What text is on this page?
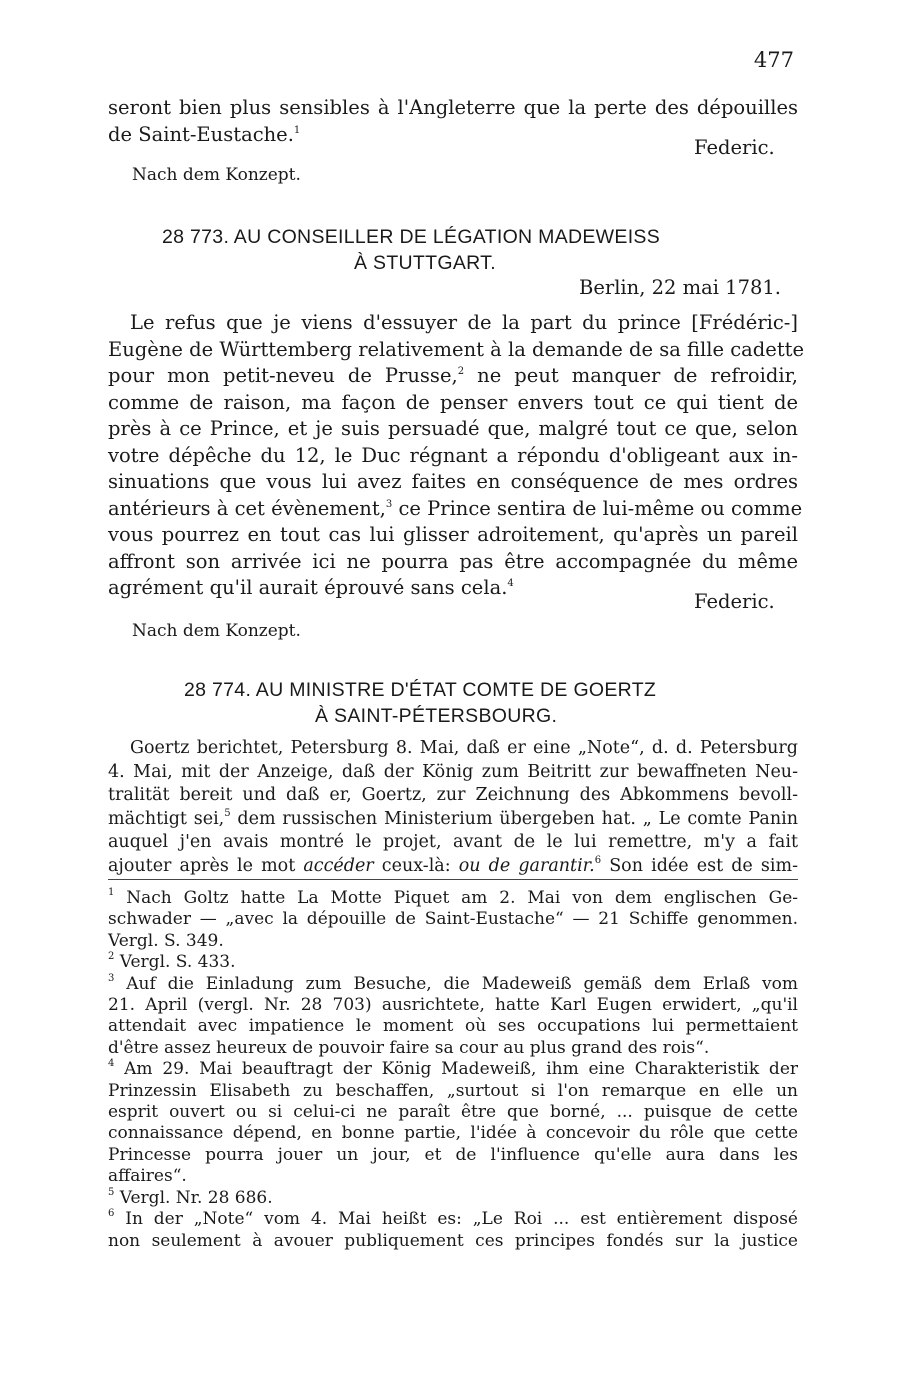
477
seront bien plus sensibles à l'Angleterre que la perte des dépouilles
de Saint-Eustache.$^1$
Federic.
Nach dem Konzept.
28 773. AU CONSEILLER DE LÉGATION MADEWEISS
À STUTTGART.
Berlin, 22 mai 1781.
Le refus que je viens d'essuyer de la part du prince [Frédéric-]
Eugène de Württemberg relativement à la demande de sa fille cadette
pour mon petit-neveu de Prusse,$^2$ ne peut manquer de refroidir,
comme de raison, ma façon de penser envers tout ce qui tient de
près à ce Prince, et je suis persuadé que, malgré tout ce que, selon
votre dépêche du 12, le Duc régnant a répondu d'obligeant aux in-
sinuations que vous lui avez faites en conséquence de mes ordres
antérieurs à cet évènement,$^3$ ce Prince sentira de lui-même ou comme
vous pourrez en tout cas lui glisser adroitement, qu'après un pareil
affront son arrivée ici ne pourra pas être accompagnée du même
agrément qu'il aurait éprouvé sans cela.$^4$
Federic.
Nach dem Konzept.
28 774. AU MINISTRE D'ÉTAT COMTE DE GOERTZ
À SAINT-PÉTERSBOURG.
Goertz berichtet, Petersburg 8. Mai, daß er eine „Note“, d. d. Petersburg
4. Mai, mit der Anzeige, daß der König zum Beitritt zur bewaffneten Neu-
tralität bereit und daß er, Goertz, zur Zeichnung des Abkommens bevoll-
mächtigt sei,$^5$ dem russischen Ministerium übergeben hat. „ Le comte Panin
auquel j'en avais montré le projet, avant de le lui remettre, m'y a fait
ajouter après le mot accéder ceux-là: ou de garantir.$^6$ Son idée est de sim-
$^1$ Nach Goltz hatte La Motte Piquet am 2. Mai von dem englischen Ge-
schwader — „avec la dépouille de Saint-Eustache“ — 21 Schiffe genommen.
Vergl. S. 349.
$^2$ Vergl. S. 433.
$^3$ Auf die Einladung zum Besuche, die Madeweiß gemäß dem Erlaß vom
21. April (vergl. Nr. 28 703) ausrichtete, hatte Karl Eugen erwidert, „qu'il
attendait avec impatience le moment où ses occupations lui permettaient
d'être assez heureux de pouvoir faire sa cour au plus grand des rois“.
$^4$ Am 29. Mai beauftragt der König Madeweiß, ihm eine Charakteristik der
Prinzessin Elisabeth zu beschaffen, „surtout si l'on remarque en elle un
esprit ouvert ou si celui-ci ne paraît être que borné, ... puisque de cette
connaissance dépend, en bonne partie, l'idée à concevoir du rôle que cette
Princesse pourra jouer un jour, et de l'influence qu'elle aura dans les
affaires“.
$^5$ Vergl. Nr. 28 686.
$^6$ In der „Note“ vom 4. Mai heißt es: „Le Roi ... est entièrement disposé
non seulement à avouer publiquement ces principes fondés sur la justice
